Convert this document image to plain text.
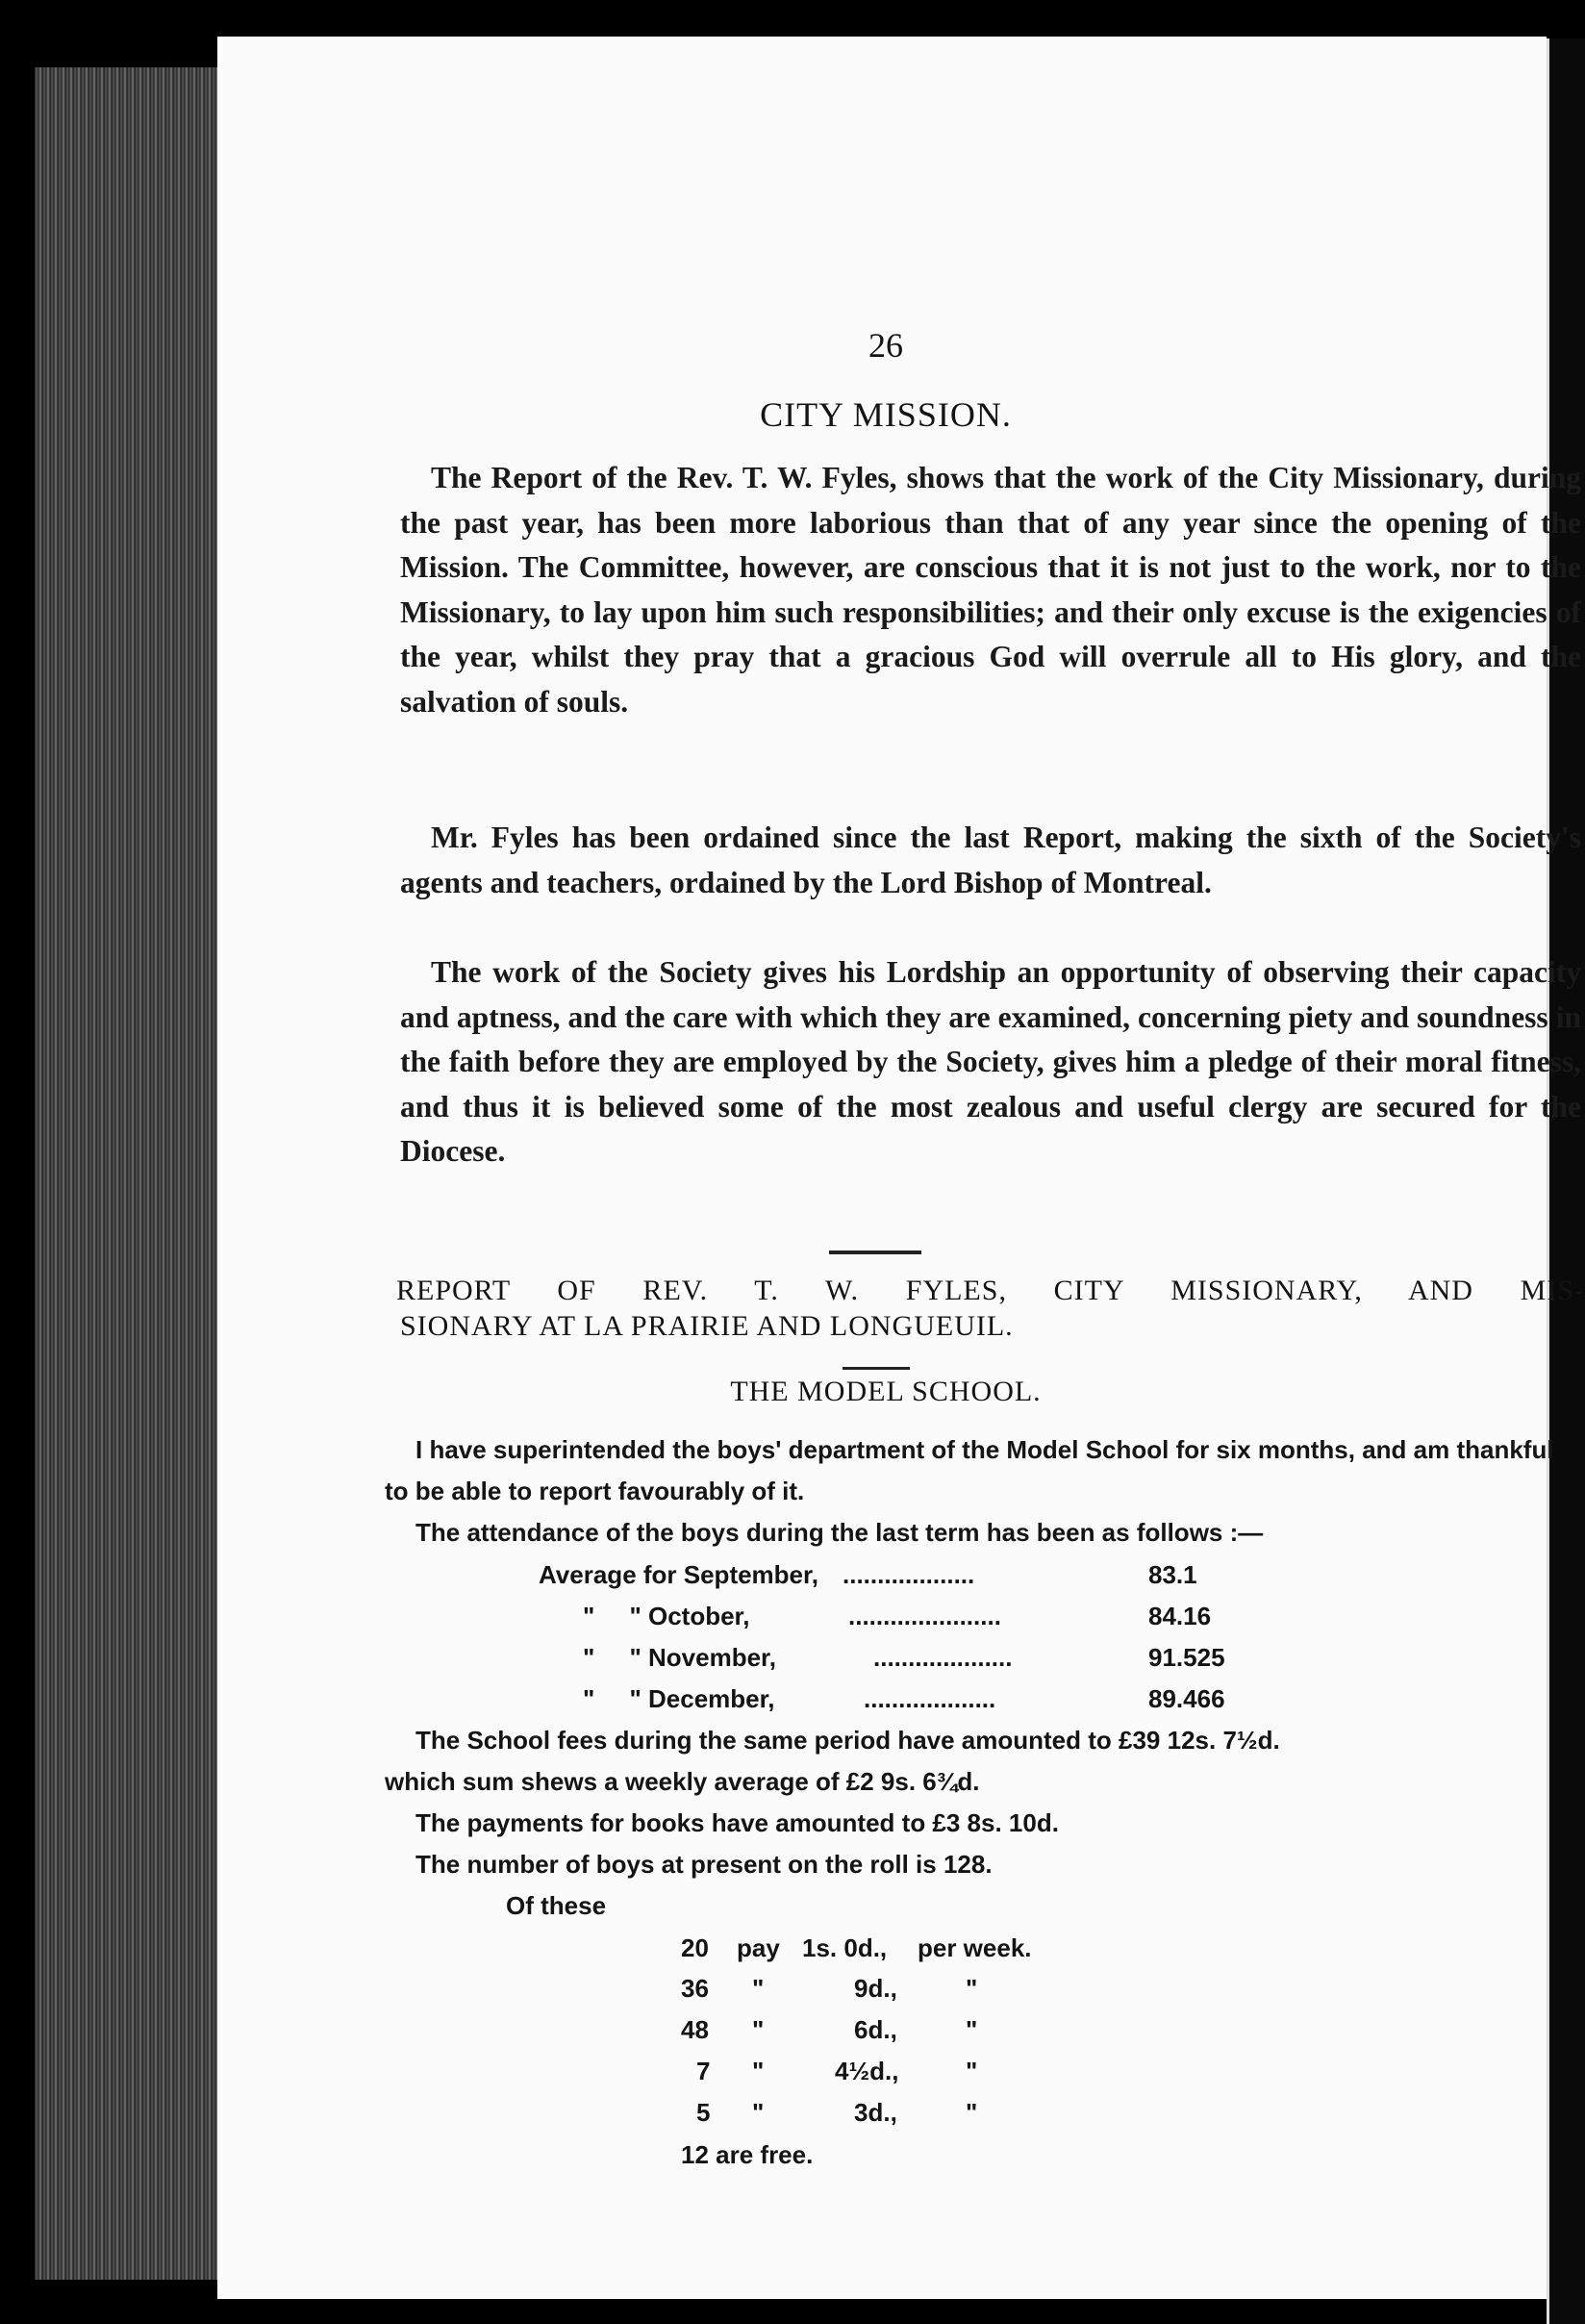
26
CITY MISSION.

The Report of the Rev. T. W. Fyles, shows that the work of the City Missionary, during the past year, has been more laborious than that of any year since the opening of the Mission. The Committee, however, are conscious that it is not just to the work, nor to the Missionary, to lay upon him such responsibilities; and their only excuse is the exigencies of the year, whilst they pray that a gracious God will overrule all to His glory, and the salvation of souls.

Mr. Fyles has been ordained since the last Report, making the sixth of the Society's agents and teachers, ordained by the Lord Bishop of Montreal.

The work of the Society gives his Lordship an opportunity of observing their capacity and aptness, and the care with which they are examined, concerning piety and soundness in the faith before they are employed by the Society, gives him a pledge of their moral fitness, and thus it is believed some of the most zealous and useful clergy are secured for the Diocese.

REPORT OF REV. T. W. FYLES, CITY MISSIONARY, AND MIS-

SIONARY AT LA PRAIRIE AND LONGUEUIL.
THE MODEL SCHOOL.

I have superintended the boys' department of the Model School for six months, and am thankful to be able to report favourably of it.

The attendance of the boys during the last term has been as follows :—

Average for September, ...................	83.1
"     " October,	......................	84.16
"     " November,	....................	91.525
"     " December,	...................	89.466
The School fees during the same period have amounted to £39 12s. 7½d.
which sum shews a weekly average of £2 9s. 6¾d.
The payments for books have amounted to £3 8s. 10d.
The number of boys at present on the roll is 128.
Of these
20 pay 1s. 0d., per week.
36 "	9d.,	"
48 "	6d.,	"
7 "	4½d.,	"
5 "	3d.,	"
12 are free.
